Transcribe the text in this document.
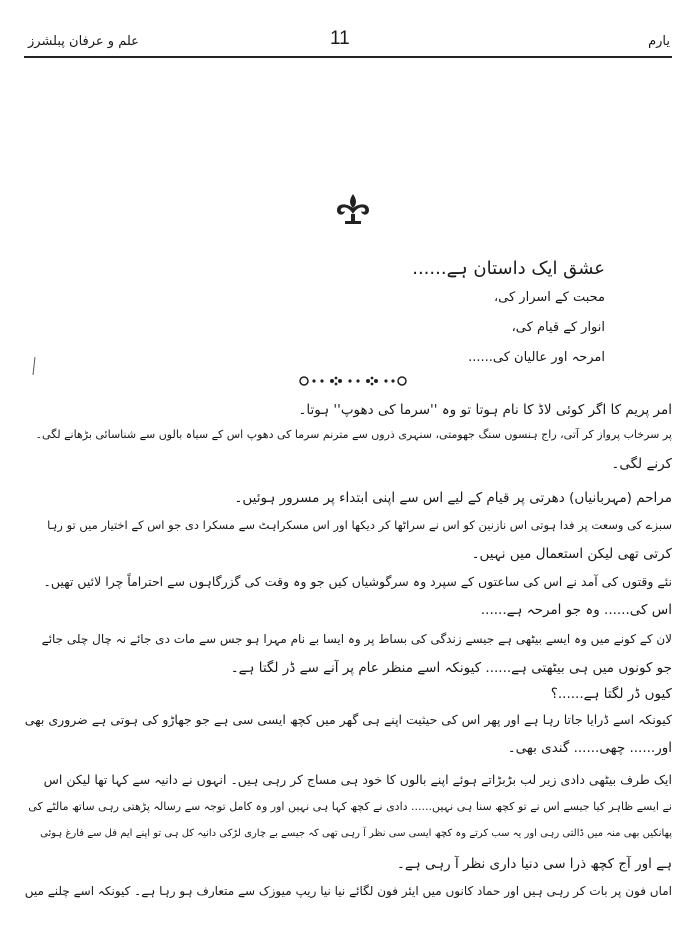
علم و عرفان پبلشرز	11	یارم
عشق ایک داستان ہے......
محبت کے اسرار کی،
انوار کے قیام کی،
امرحہ اور عالیان کی......
امر پریم کا اگر کوئی لاڈ کا نام ہوتا تو وہ ''سرما کی دھوپ'' ہوتا۔
پر سرخاب پرواز کر آتی، راج ہنسوں سنگ جھومتی، سنہری ذروں سے مترنم سرما کی دھوپ اس کے سیاہ بالوں سے شناسائی بڑھانے لگی۔
کرنے لگی۔
مراحم (مہربانیاں) دھرتی پر قیام کے لیے اس سے اپنی ابتداء پر مسرور ہوئیں۔
سبزے کی وسعت پر فدا ہوتی اس نازنین کو اس نے سراٹھا کر دیکھا اور اس مسکراہٹ سے مسکرا دی جو اس کے اختیار میں تو رہا
کرتی تھی لیکن استعمال میں نہیں۔
نئے وقتوں کی آمد نے اس کی ساعتوں کے سپرد وہ سرگوشیاں کیں جو وہ وقت کی گزرگاہوں سے احتراماً چرا لائیں تھیں۔
اس کی...... وہ جو امرحہ ہے......
لان کے کونے میں وہ ایسے بیٹھی ہے جیسے زندگی کی بساط پر وہ ایسا بے نام مہرا ہو جس سے مات دی جائے نہ چال چلی جائے
جو کونوں میں ہی بیٹھتی ہے...... کیونکہ اسے منظر عام پر آنے سے ڈر لگتا ہے۔
کیوں ڈر لگتا ہے......؟
کیونکہ اسے ڈرایا جاتا رہا ہے اور پھر اس کی حیثیت اپنے ہی گھر میں کچھ ایسی سی ہے جو جھاڑو کی ہوتی ہے ضروری بھی
اور...... چھی...... گندی بھی۔
ایک طرف بیٹھی دادی زیر لب بڑبڑاتے ہوئے اپنے بالوں کا خود ہی مساج کر رہی ہیں۔ انہوں نے دانیہ سے کہا تھا لیکن اس
نے ایسے ظاہر کیا جیسے اس نے تو کچھ سنا ہی نہیں...... دادی نے کچھ کہا ہی نہیں اور وہ کامل توجہ سے رسالہ پڑھتی رہی ساتھ مالٹے کی
پھانکیں بھی منہ میں ڈالتی رہی اور یہ سب کرتے وہ کچھ ایسی سی نظر آ رہی تھی کہ جیسے بے چاری لڑکی دانیہ کل ہی تو اپنے ایم فل سے فارغ ہوئی
ہے اور آج کچھ ذرا سی دنیا داری نظر آ رہی ہے۔
اماں فون پر بات کر رہی ہیں اور حماد کانوں میں ایئر فون لگائے نیا نیا ریپ میوزک سے متعارف ہو رہا ہے۔ کیونکہ اسے چلنے میں
